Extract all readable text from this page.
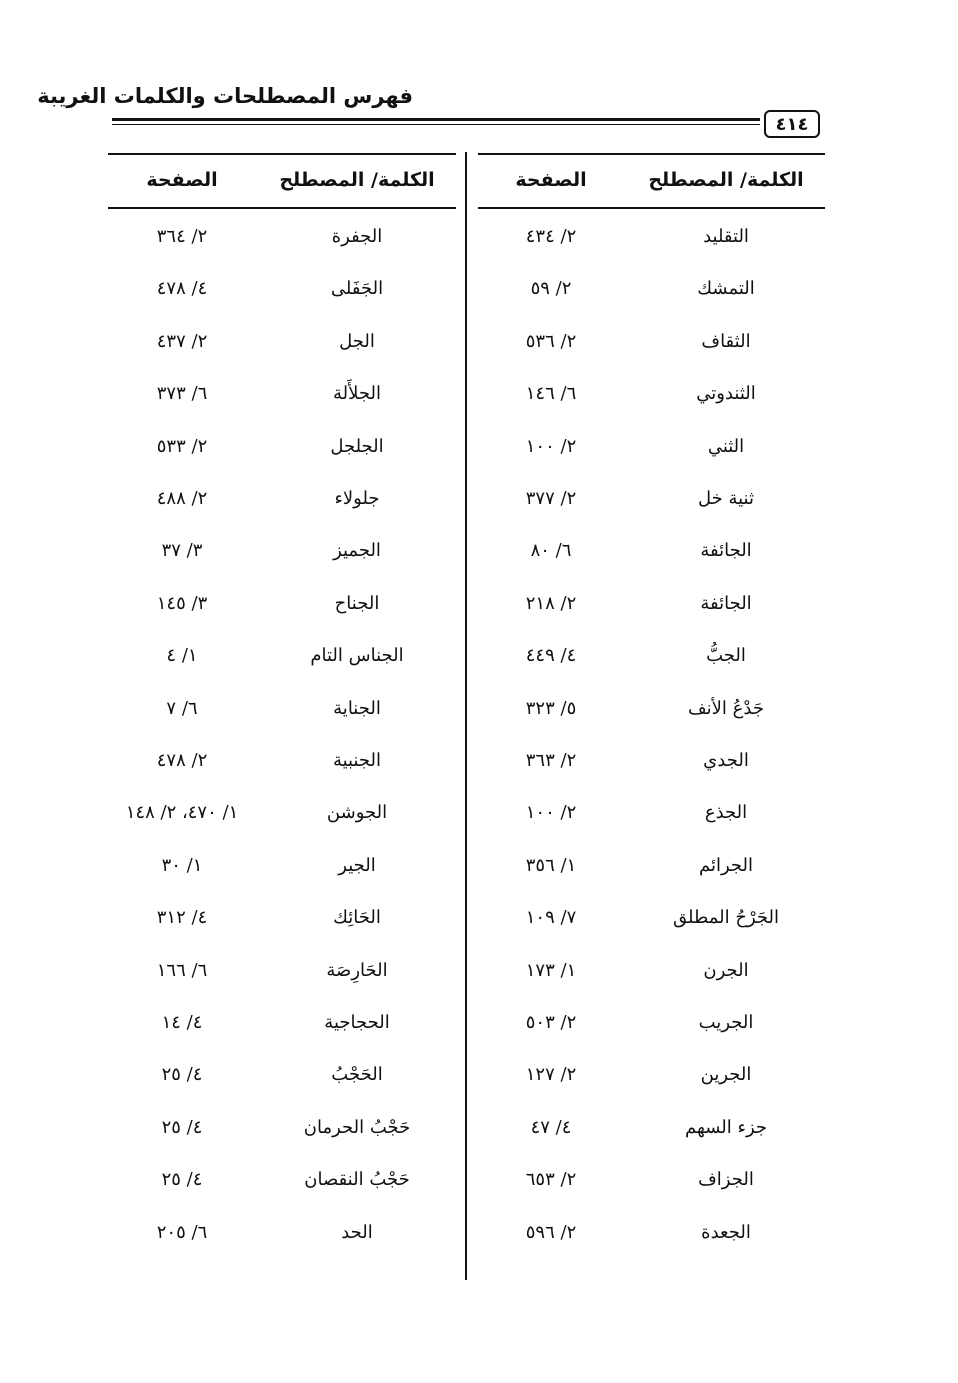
فهرس المصطلحات والكلمات الغريبة
٤١٤
الكلمة/ المصطلح
الصفحة
الكلمة/ المصطلح
الصفحة
التقليد
٢/ ٤٣٤
التمشك
٢/ ٥٩
الثقاف
٢/ ٥٣٦
الثندوتي
٦/ ١٤٦
الثني
٢/ ١٠٠
ثنية خل
٢/ ٣٧٧
الجائفة
٦/ ٨٠
الجائفة
٢/ ٢١٨
الجبُّ
٤/ ٤٤٩
جَدْعُ الأنف
٥/ ٣٢٣
الجدي
٢/ ٣٦٣
الجذع
٢/ ١٠٠
الجرائم
١/ ٣٥٦
الجَرْحُ المطلق
٧/ ١٠٩
الجرن
١/ ١٧٣
الجريب
٢/ ٥٠٣
الجرين
٢/ ١٢٧
جزء السهم
٤/ ٤٧
الجزاف
٢/ ٦٥٣
الجعدة
٢/ ٥٩٦
الجفرة
٢/ ٣٦٤
الجَفَلى
٤/ ٤٧٨
الجل
٢/ ٤٣٧
الجلأَلة
٦/ ٣٧٣
الجلجل
٢/ ٥٣٣
جلولاء
٢/ ٤٨٨
الجميز
٣/ ٣٧
الجناح
٣/ ١٤٥
الجناس التام
١/ ٤
الجناية
٦/ ٧
الجنبية
٢/ ٤٧٨
الجوشن
١/ ٤٧٠، ٢/ ١٤٨
الجير
١/ ٣٠
الحَائِك
٤/ ٣١٢
الحَارِصَة
٦/ ١٦٦
الحجاجية
٤/ ١٤
الحَجْبُ
٤/ ٢٥
حَجْبُ الحرمان
٤/ ٢٥
حَجْبُ النقصان
٤/ ٢٥
الحد
٦/ ٢٠٥
